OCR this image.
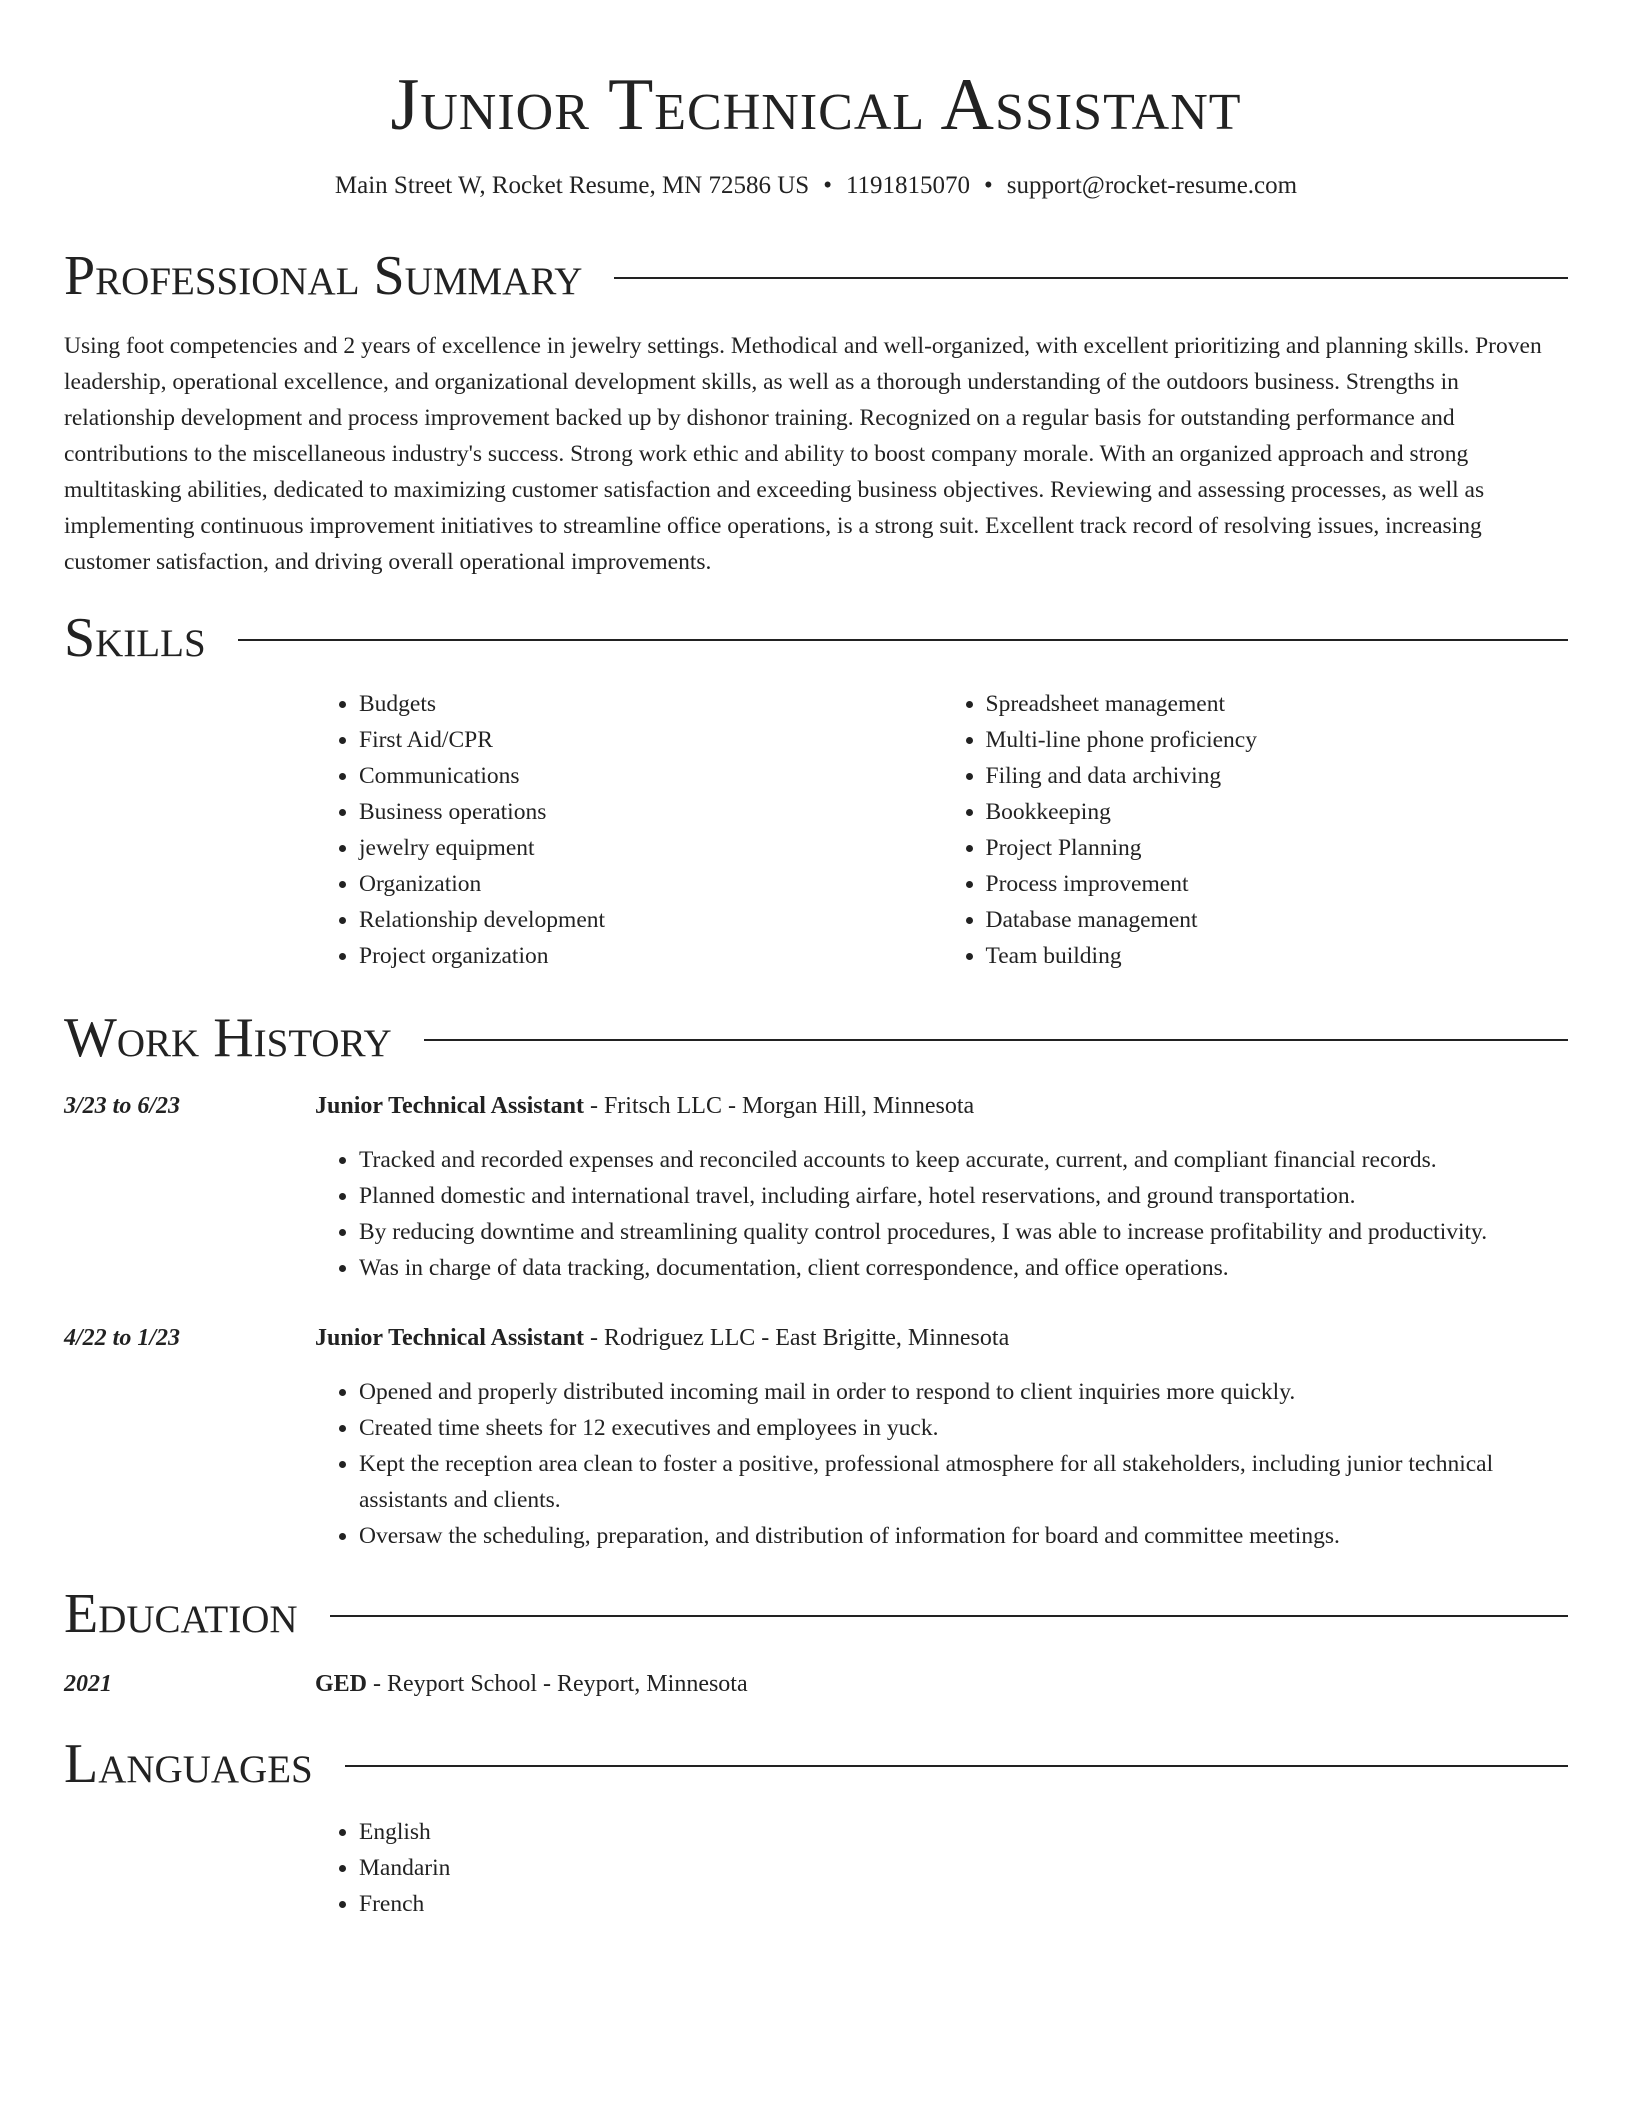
Junior Technical Assistant
Main Street W, Rocket Resume, MN 72586 US • 1191815070 • support@rocket-resume.com
Professional Summary

Using foot competencies and 2 years of excellence in jewelry settings. Methodical and well-organized, with excellent prioritizing and planning skills. Proven leadership, operational excellence, and organizational development skills, as well as a thorough understanding of the outdoors business. Strengths in relationship development and process improvement backed up by dishonor training. Recognized on a regular basis for outstanding performance and contributions to the miscellaneous industry's success. Strong work ethic and ability to boost company morale. With an organized approach and strong multitasking abilities, dedicated to maximizing customer satisfaction and exceeding business objectives. Reviewing and assessing processes, as well as implementing continuous improvement initiatives to streamline office operations, is a strong suit. Excellent track record of resolving issues, increasing customer satisfaction, and driving overall operational improvements.

Skills
• Budgets
• First Aid/CPR
• Communications
• Business operations
• jewelry equipment
• Organization
• Relationship development
• Project organization
• Spreadsheet management
• Multi-line phone proficiency
• Filing and data archiving
• Bookkeeping
• Project Planning
• Process improvement
• Database management
• Team building
Work History
3/23 to 6/23	Junior Technical Assistant - Fritsch LLC - Morgan Hill, Minnesota
• Tracked and recorded expenses and reconciled accounts to keep accurate, current, and compliant financial records.
• Planned domestic and international travel, including airfare, hotel reservations, and ground transportation.
• By reducing downtime and streamlining quality control procedures, I was able to increase profitability and productivity.
• Was in charge of data tracking, documentation, client correspondence, and office operations.
4/22 to 1/23	Junior Technical Assistant - Rodriguez LLC - East Brigitte, Minnesota
• Opened and properly distributed incoming mail in order to respond to client inquiries more quickly.
• Created time sheets for 12 executives and employees in yuck.
• Kept the reception area clean to foster a positive, professional atmosphere for all stakeholders, including junior technical assistants and clients.
• Oversaw the scheduling, preparation, and distribution of information for board and committee meetings.
Education
2021	GED - Reyport School - Reyport, Minnesota
Languages
• English
• Mandarin
• French
